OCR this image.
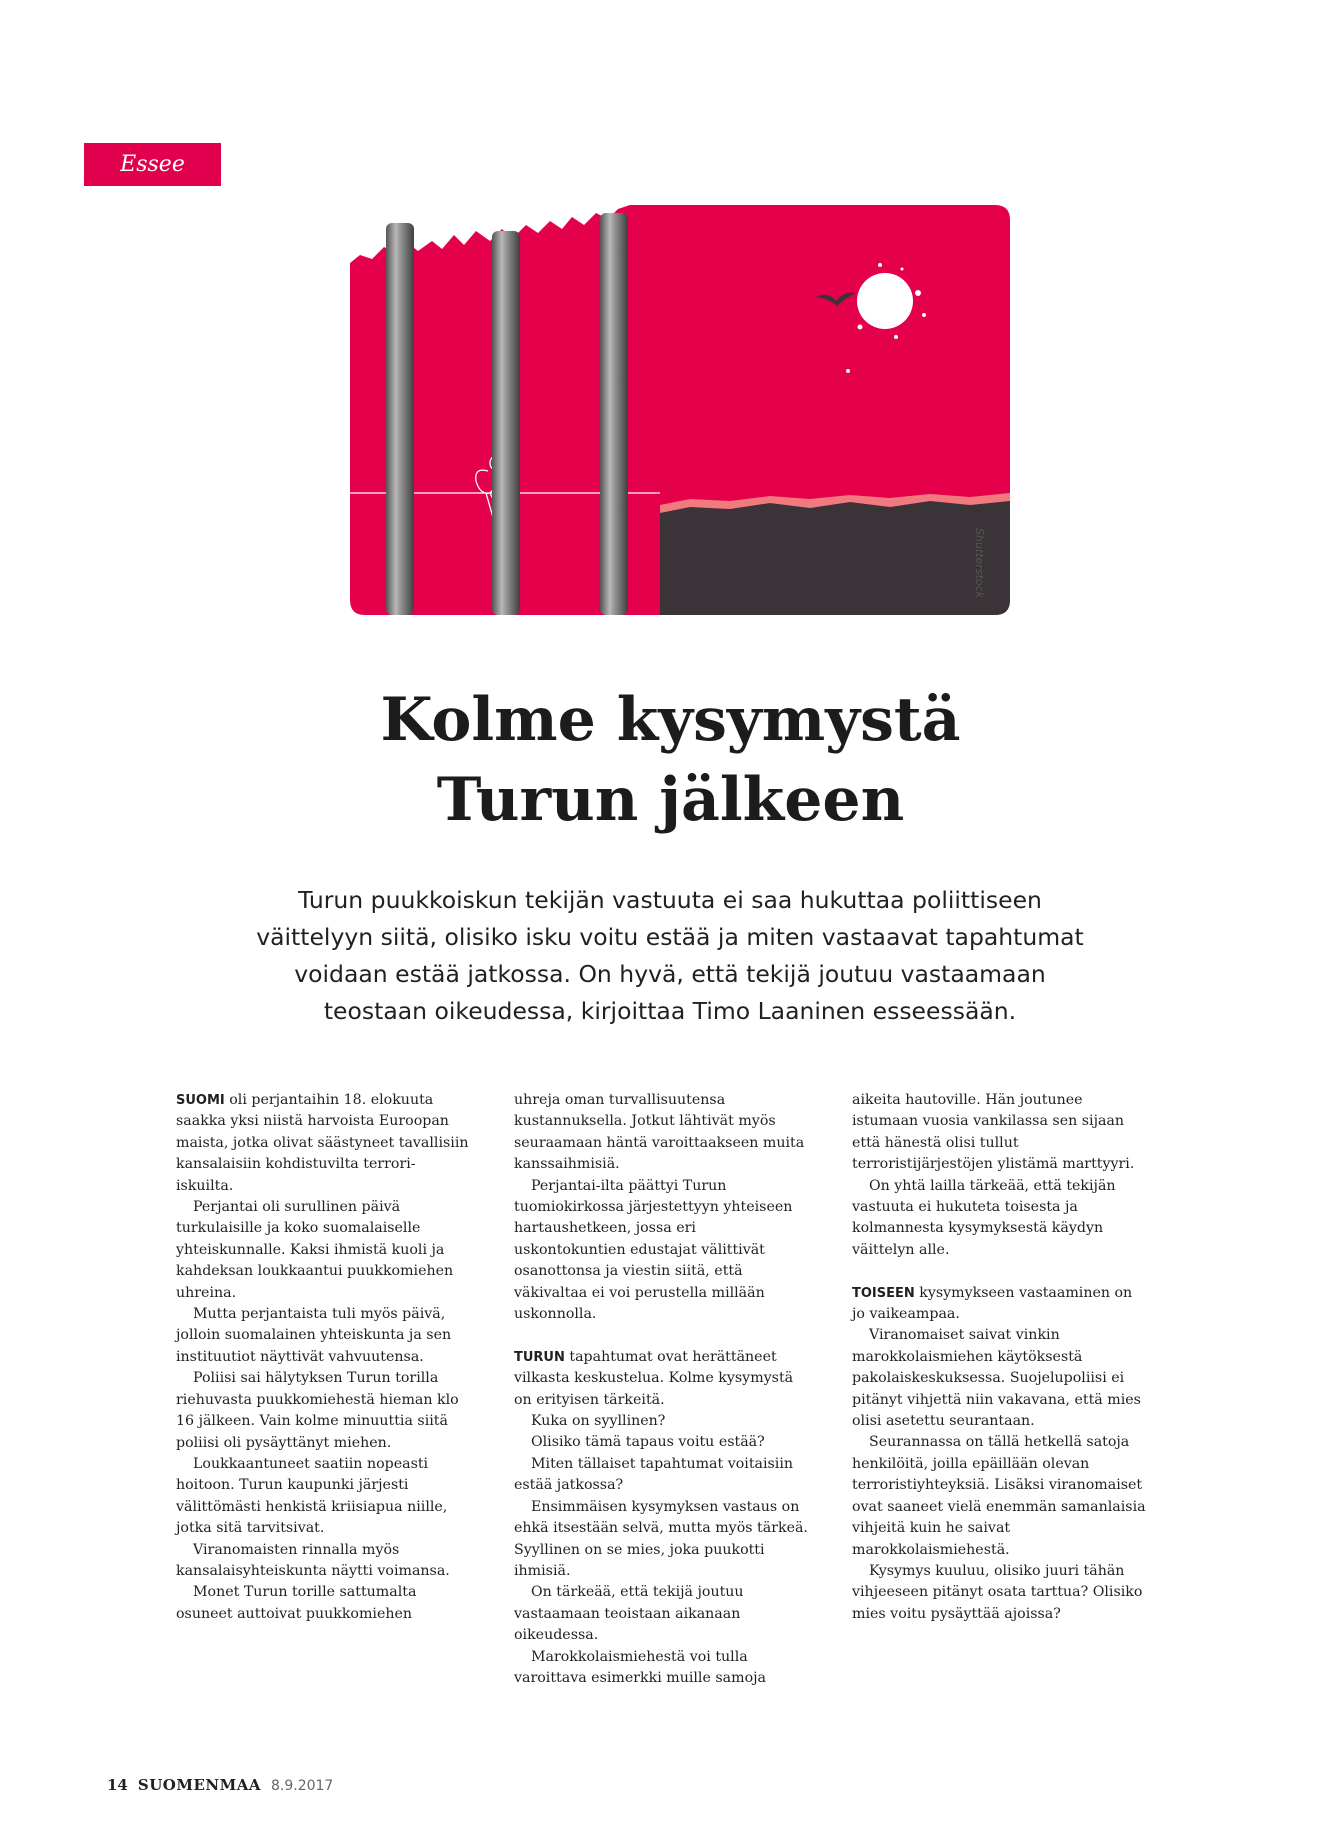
Essee
Shutterstock
Kolme kysymystä
Turun jälkeen

Turun puukkoiskun tekijän vastuuta ei saa hukuttaa poliittiseen väittelyyn siitä, olisiko isku voitu estää ja miten vastaavat tapahtumat voidaan estää jatkossa. On hyvä, että tekijä joutuu vastaamaan teostaan oikeudessa, kirjoittaa Timo Laaninen esseessään.

SUOMI oli perjantaihin 18. elokuuta saakka yksi niistä harvoista Euroopan maista, jotka olivat säästyneet tavallisiin kansalaisiin kohdistuvilta terrori-iskuilta.

Perjantai oli surullinen päivä turkulaisille ja koko suomalaiselle yhteiskunnalle. Kaksi ihmistä kuoli ja kahdeksan loukkaantui puukkomiehen uhreina.

Mutta perjantaista tuli myös päivä, jolloin suomalainen yhteiskunta ja sen instituutiot näyttivät vahvuutensa.

Poliisi sai hälytyksen Turun torilla riehuvasta puukkomiehestä hieman klo 16 jälkeen. Vain kolme minuuttia siitä poliisi oli pysäyttänyt miehen.

Loukkaantuneet saatiin nopeasti hoitoon. Turun kaupunki järjesti välittömästi henkistä kriisiapua niille, jotka sitä tarvitsivat.

Viranomaisten rinnalla myös kansalaisyhteiskunta näytti voimansa.

Monet Turun torille sattumalta osuneet auttoivat puukkomiehen

uhreja oman turvallisuutensa kustannuksella. Jotkut lähtivät myös seuraamaan häntä varoittaakseen muita kanssaihmisiä.

Perjantai-ilta päättyi Turun tuomiokirkossa järjestettyyn yhteiseen hartaushetkeen, jossa eri uskontokuntien edustajat välittivät osanottonsa ja viestin siitä, että väkivaltaa ei voi perustella millään uskonnolla.

TURUN tapahtumat ovat herättäneet vilkasta keskustelua. Kolme kysymystä on erityisen tärkeitä.

Kuka on syyllinen?

Olisiko tämä tapaus voitu estää?

Miten tällaiset tapahtumat voitaisiin estää jatkossa?

Ensimmäisen kysymyksen vastaus on ehkä itsestään selvä, mutta myös tärkeä. Syyllinen on se mies, joka puukotti ihmisiä.

On tärkeää, että tekijä joutuu vastaamaan teoistaan aikanaan oikeudessa.

Marokkolaismiehestä voi tulla varoittava esimerkki muille samoja

aikeita hautoville. Hän joutunee istumaan vuosia vankilassa sen sijaan että hänestä olisi tullut terroristijärjestöjen ylistämä marttyyri.

On yhtä lailla tärkeää, että tekijän vastuuta ei hukuteta toisesta ja kolmannesta kysymyksestä käydyn väittelyn alle.

TOISEEN kysymykseen vastaaminen on jo vaikeampaa.

Viranomaiset saivat vinkin marokkolaismiehen käytöksestä pakolaiskeskuksessa. Suojelupoliisi ei pitänyt vihjettä niin vakavana, että mies olisi asetettu seurantaan.

Seurannassa on tällä hetkellä satoja henkilöitä, joilla epäillään olevan terroristiyhteyksiä. Lisäksi viranomaiset ovat saaneet vielä enemmän samanlaisia vihjeitä kuin he saivat marokkolaismiehestä.

Kysymys kuuluu, olisiko juuri tähän vihjeeseen pitänyt osata tarttua? Olisiko mies voitu pysäyttää ajoissa?

14 SUOMENMAA 8.9.2017
